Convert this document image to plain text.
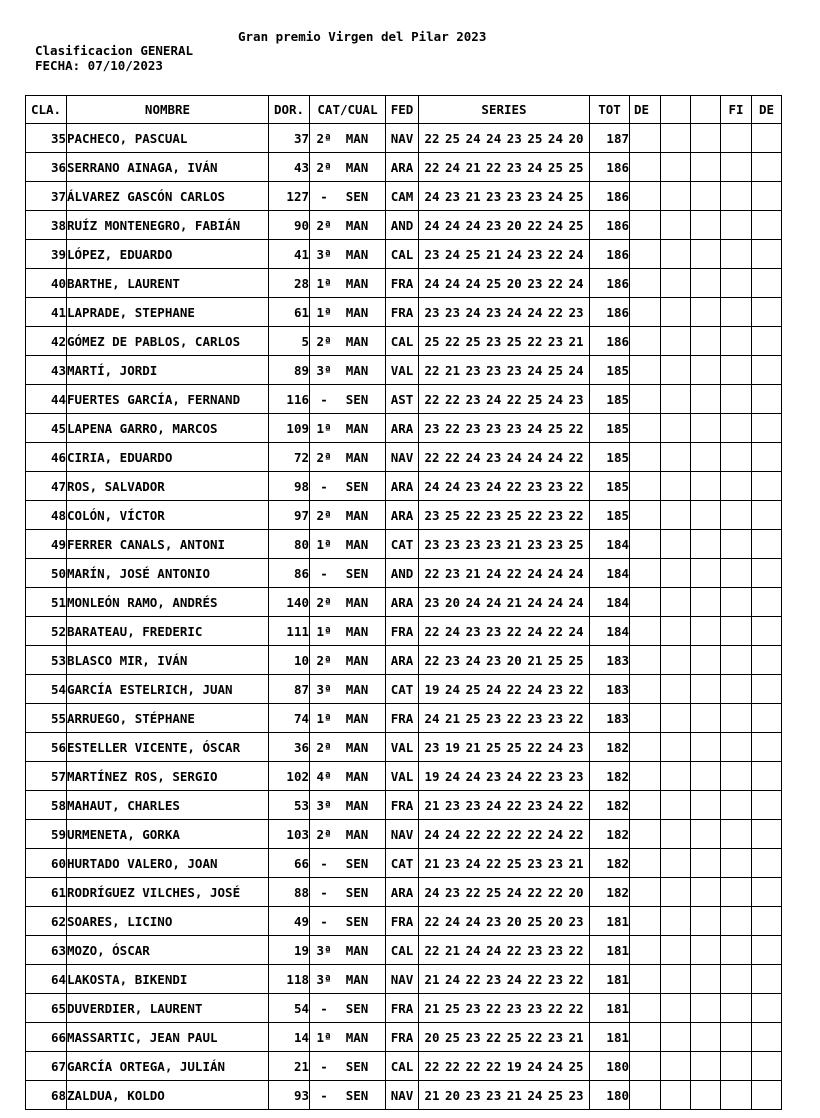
Gran premio Virgen del Pilar 2023
Clasificacion GENERAL
FECHA: 07/10/2023
CLA.	NOMBRE	DOR.	CAT/CUAL	FED	SERIES	TOT	DE			FI	DE
35	PACHECO, PASCUAL	37	2ª MAN	NAV	22 25 24 24 23 25 24 20	187					
36	SERRANO AINAGA, IVÁN	43	2ª MAN	ARA	22 24 21 22 23 24 25 25	186					
37	ÁLVAREZ GASCÓN CARLOS	127	- SEN	CAM	24 23 21 23 23 23 24 25	186					
38	RUÍZ MONTENEGRO, FABIÁN	90	2ª MAN	AND	24 24 24 23 20 22 24 25	186					
39	LÓPEZ, EDUARDO	41	3ª MAN	CAL	23 24 25 21 24 23 22 24	186					
40	BARTHE, LAURENT	28	1ª MAN	FRA	24 24 24 25 20 23 22 24	186					
41	LAPRADE, STEPHANE	61	1ª MAN	FRA	23 23 24 23 24 24 22 23	186					
42	GÓMEZ DE PABLOS, CARLOS	5	2ª MAN	CAL	25 22 25 23 25 22 23 21	186					
43	MARTÍ, JORDI	89	3ª MAN	VAL	22 21 23 23 23 24 25 24	185					
44	FUERTES GARCÍA, FERNAND	116	- SEN	AST	22 22 23 24 22 25 24 23	185					
45	LAPENA GARRO, MARCOS	109	1ª MAN	ARA	23 22 23 23 23 24 25 22	185					
46	CIRIA, EDUARDO	72	2ª MAN	NAV	22 22 24 23 24 24 24 22	185					
47	ROS, SALVADOR	98	- SEN	ARA	24 24 23 24 22 23 23 22	185					
48	COLÓN, VÍCTOR	97	2ª MAN	ARA	23 25 22 23 25 22 23 22	185					
49	FERRER CANALS, ANTONI	80	1ª MAN	CAT	23 23 23 23 21 23 23 25	184					
50	MARÍN, JOSÉ ANTONIO	86	- SEN	AND	22 23 21 24 22 24 24 24	184					
51	MONLEÓN RAMO, ANDRÉS	140	2ª MAN	ARA	23 20 24 24 21 24 24 24	184					
52	BARATEAU, FREDERIC	111	1ª MAN	FRA	22 24 23 23 22 24 22 24	184					
53	BLASCO MIR, IVÁN	10	2ª MAN	ARA	22 23 24 23 20 21 25 25	183					
54	GARCÍA ESTELRICH, JUAN	87	3ª MAN	CAT	19 24 25 24 22 24 23 22	183					
55	ARRUEGO, STÉPHANE	74	1ª MAN	FRA	24 21 25 23 22 23 23 22	183					
56	ESTELLER VICENTE, ÓSCAR	36	2ª MAN	VAL	23 19 21 25 25 22 24 23	182					
57	MARTÍNEZ ROS, SERGIO	102	4ª MAN	VAL	19 24 24 23 24 22 23 23	182					
58	MAHAUT, CHARLES	53	3ª MAN	FRA	21 23 23 24 22 23 24 22	182					
59	URMENETA, GORKA	103	2ª MAN	NAV	24 24 22 22 22 22 24 22	182					
60	HURTADO VALERO, JOAN	66	- SEN	CAT	21 23 24 22 25 23 23 21	182					
61	RODRÍGUEZ VILCHES, JOSÉ	88	- SEN	ARA	24 23 22 25 24 22 22 20	182					
62	SOARES, LICINO	49	- SEN	FRA	22 24 24 23 20 25 20 23	181					
63	MOZO, ÓSCAR	19	3ª MAN	CAL	22 21 24 24 22 23 23 22	181					
64	LAKOSTA, BIKENDI	118	3ª MAN	NAV	21 24 22 23 24 22 23 22	181					
65	DUVERDIER, LAURENT	54	- SEN	FRA	21 25 23 22 23 23 22 22	181					
66	MASSARTIC, JEAN PAUL	14	1ª MAN	FRA	20 25 23 22 25 22 23 21	181					
67	GARCÍA ORTEGA, JULIÁN	21	- SEN	CAL	22 22 22 22 19 24 24 25	180					
68	ZALDUA, KOLDO	93	- SEN	NAV	21 20 23 23 21 24 25 23	180					
